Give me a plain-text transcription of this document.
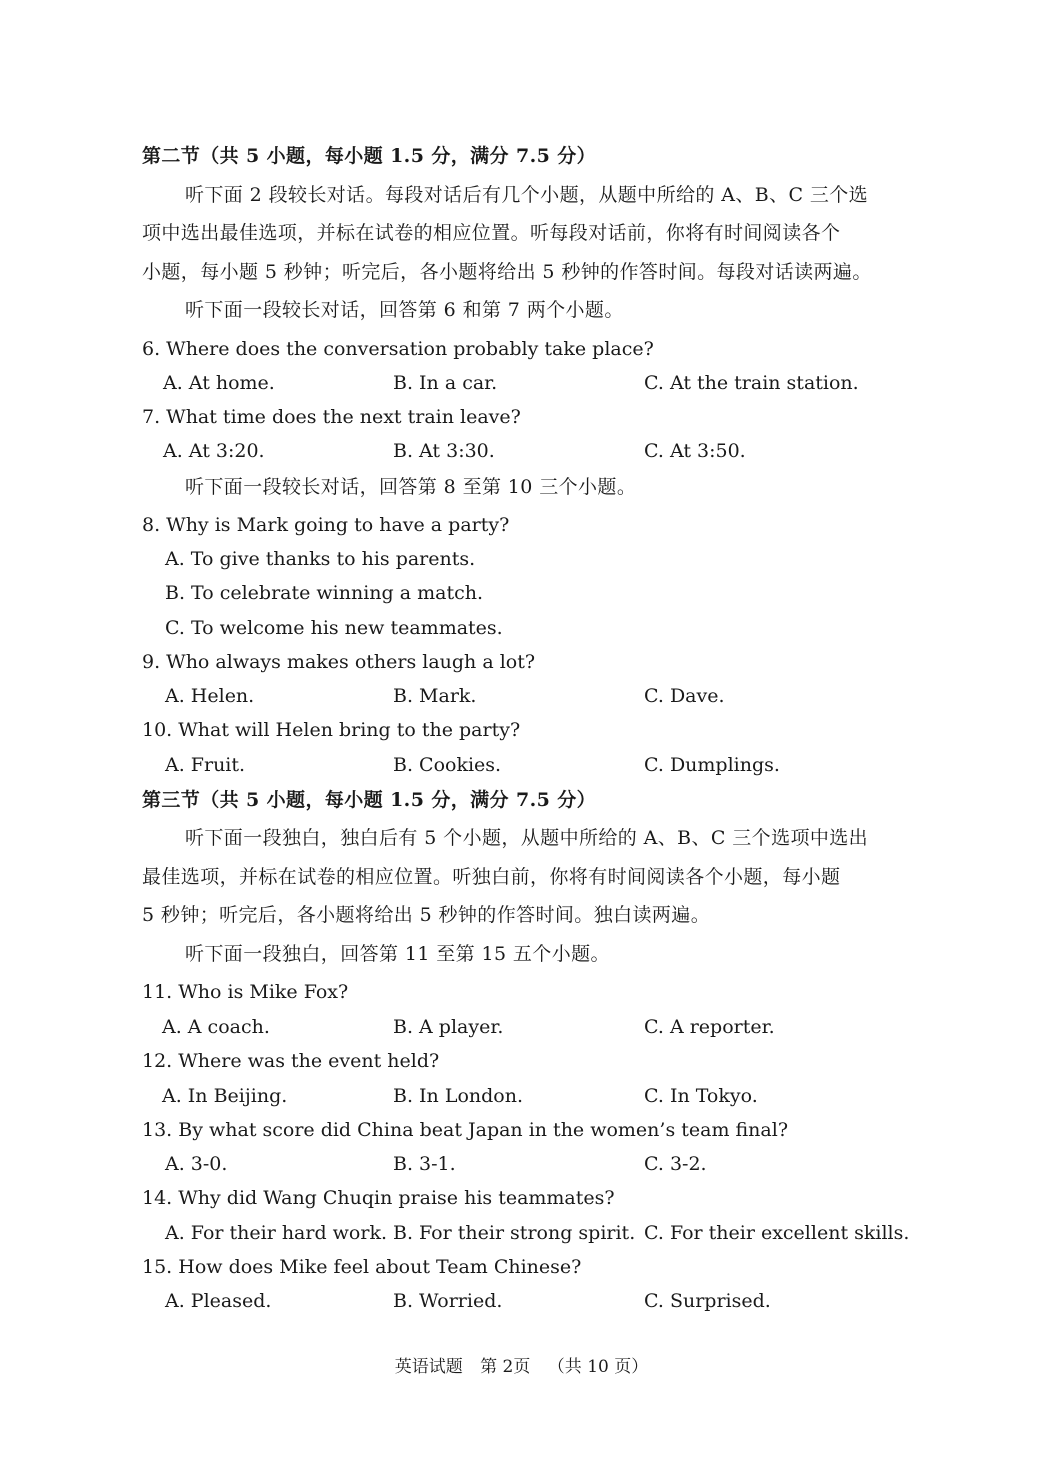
第二节（共 5 小题，每小题 1.5 分，满分 7.5 分）
听下面 2 段较长对话。每段对话后有几个小题，从题中所给的 A、B、C 三个选
项中选出最佳选项，并标在试卷的相应位置。听每段对话前，你将有时间阅读各个
小题，每小题 5 秒钟；听完后，各小题将给出 5 秒钟的作答时间。每段对话读两遍。
听下面一段较长对话，回答第 6 和第 7 两个小题。
6. Where does the conversation probably take place?
A. At home.	B. In a car.	C. At the train station.
7. What time does the next train leave?
A. At 3:20.	B. At 3:30.	C. At 3:50.
听下面一段较长对话，回答第 8 至第 10 三个小题。
8. Why is Mark going to have a party?
A. To give thanks to his parents.
B. To celebrate winning a match.
C. To welcome his new teammates.
9. Who always makes others laugh a lot?
A. Helen.	B. Mark.	C. Dave.
10. What will Helen bring to the party?
A. Fruit.	B. Cookies.	C. Dumplings.
第三节（共 5 小题，每小题 1.5 分，满分 7.5 分）
听下面一段独白，独白后有 5 个小题，从题中所给的 A、B、C 三个选项中选出
最佳选项，并标在试卷的相应位置。听独白前，你将有时间阅读各个小题，每小题
5 秒钟；听完后，各小题将给出 5 秒钟的作答时间。独白读两遍。
听下面一段独白，回答第 11 至第 15 五个小题。
11. Who is Mike Fox?
A. A coach.	B. A player.	C. A reporter.
12. Where was the event held?
A. In Beijing.	B. In London.	C. In Tokyo.
13. By what score did China beat Japan in the women’s team final?
A. 3-0.	B. 3-1.	C. 3-2.
14. Why did Wang Chuqin praise his teammates?
A. For their hard work. B. For their strong spirit. C. For their excellent skills.
15. How does Mike feel about Team Chinese?
A. Pleased.	B. Worried.	C. Surprised.
英语试题 第 2页 （共 10 页）
